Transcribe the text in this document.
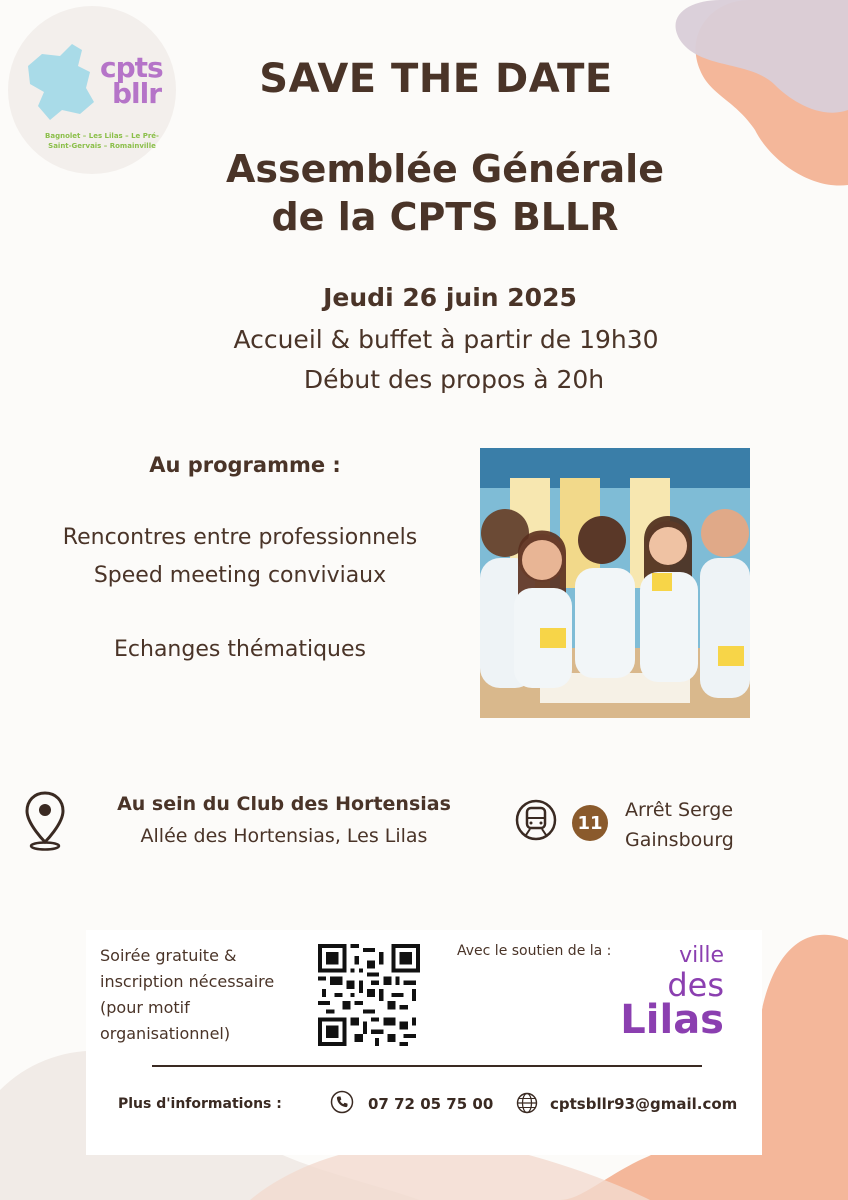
cpts
bllr
Bagnolet – Les Lilas – Le Pré-Saint-Gervais – Romainville
SAVE THE DATE
Assemblée Générale
de la CPTS BLLR
Jeudi 26 juin 2025
Accueil & buffet à partir de 19h30
Début des propos à 20h
Au programme :
Rencontres entre professionnels
Speed meeting conviviaux
Echanges thématiques
Au sein du Club des Hortensias
Allée des Hortensias, Les Lilas
11
Arrêt Serge
Gainsbourg
Soirée gratuite &
inscription nécessaire
(pour motif
organisationnel)
Avec le soutien de la :	ville
des
Lilas
Plus d'informations :	07 72 05 75 00	cptsbllr93@gmail.com
